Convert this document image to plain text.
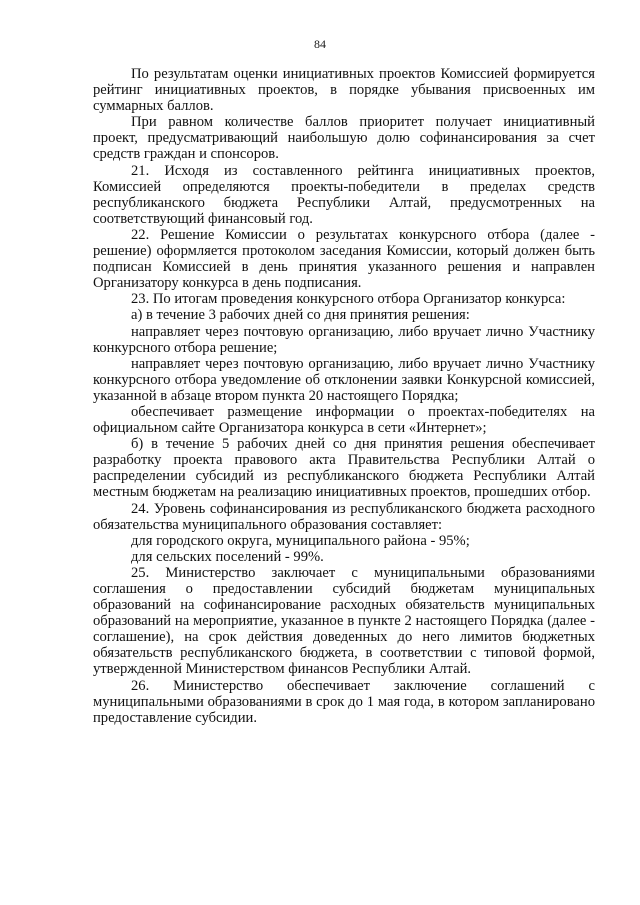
84

По результатам оценки инициативных проектов Комиссией формируется рейтинг инициативных проектов, в порядке убывания присвоенных им суммарных баллов.

При равном количестве баллов приоритет получает инициативный проект, предусматривающий наибольшую долю софинансирования за счет средств граждан и спонсоров.

21. Исходя из составленного рейтинга инициативных проектов, Комиссией определяются проекты-победители в пределах средств республиканского бюджета Республики Алтай, предусмотренных на соответствующий финансовый год.

22. Решение Комиссии о результатах конкурсного отбора (далее - решение) оформляется протоколом заседания Комиссии, который должен быть подписан Комиссией в день принятия указанного решения и направлен Организатору конкурса в день подписания.

23. По итогам проведения конкурсного отбора Организатор конкурса:

а) в течение 3 рабочих дней со дня принятия решения:

направляет через почтовую организацию, либо вручает лично Участнику конкурсного отбора решение;

направляет через почтовую организацию, либо вручает лично Участнику конкурсного отбора уведомление об отклонении заявки Конкурсной комиссией, указанной в абзаце втором пункта 20 настоящего Порядка;

обеспечивает размещение информации о проектах-победителях на официальном сайте Организатора конкурса в сети «Интернет»;

б) в течение 5 рабочих дней со дня принятия решения обеспечивает разработку проекта правового акта Правительства Республики Алтай о распределении субсидий из республиканского бюджета Республики Алтай местным бюджетам на реализацию инициативных проектов, прошедших отбор.

24. Уровень софинансирования из республиканского бюджета расходного обязательства муниципального образования составляет:

для городского округа, муниципального района - 95%;

для сельских поселений - 99%.

25. Министерство заключает с муниципальными образованиями соглашения о предоставлении субсидий бюджетам муниципальных образований на софинансирование расходных обязательств муниципальных образований на мероприятие, указанное в пункте 2 настоящего Порядка (далее - соглашение), на срок действия доведенных до него лимитов бюджетных обязательств республиканского бюджета, в соответствии с типовой формой, утвержденной Министерством финансов Республики Алтай.

26. Министерство обеспечивает заключение соглашений с муниципальными образованиями в срок до 1 мая года, в котором запланировано предоставление субсидии.
